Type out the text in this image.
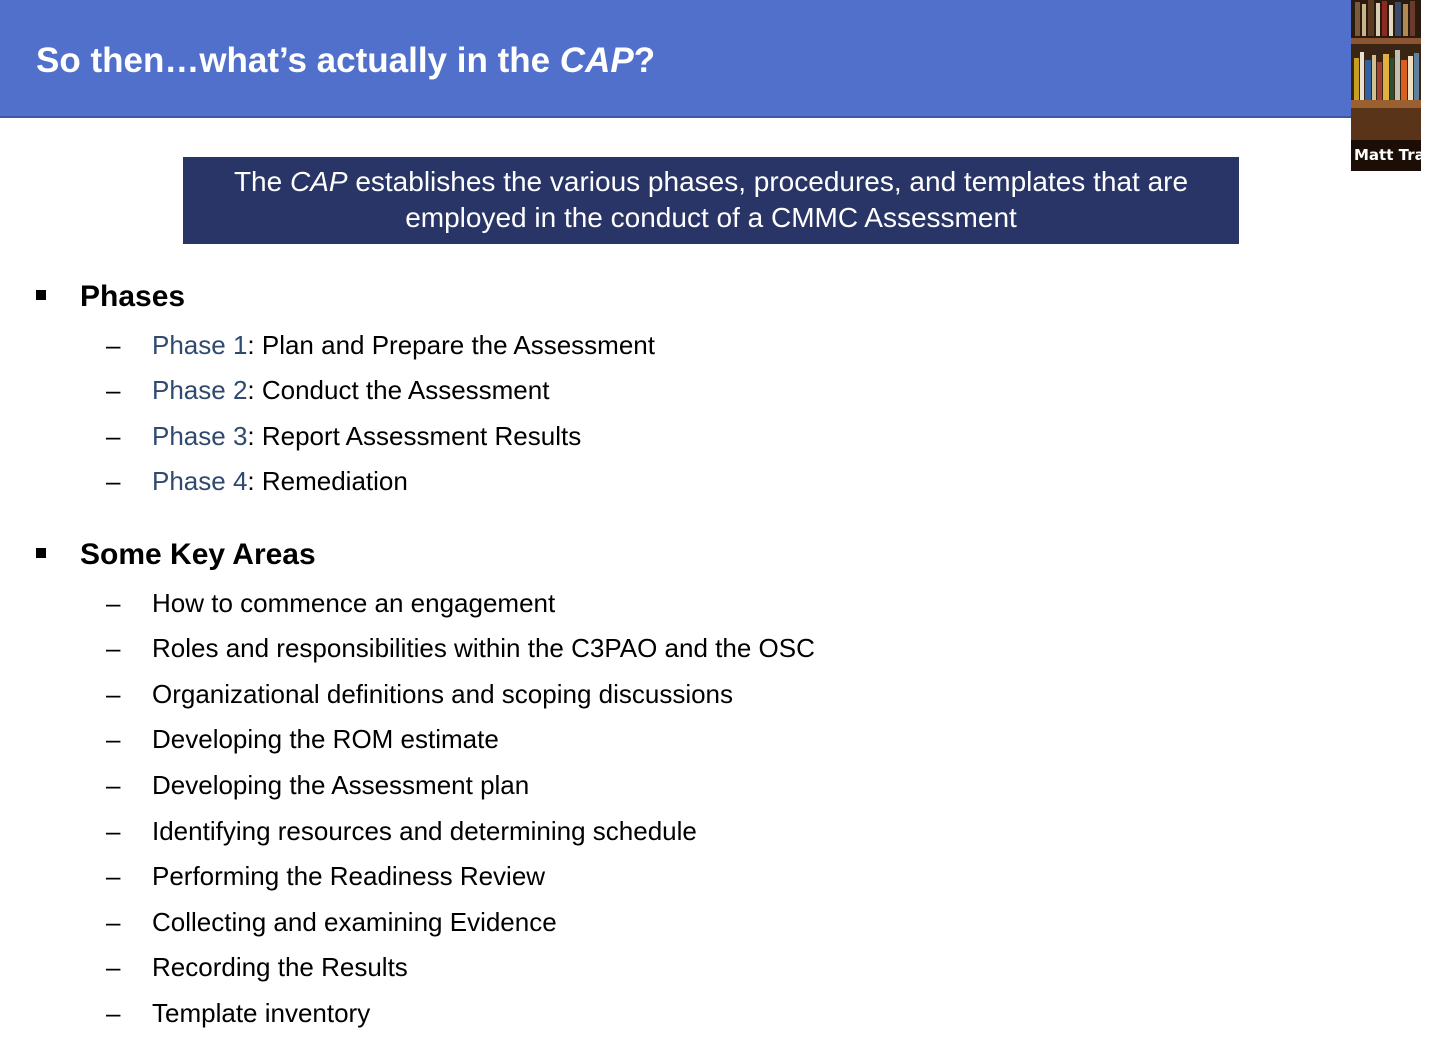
So then…what’s actually in the CAP?
Matt Tray
The CAP establishes the various phases, procedures, and templates that are
employed in the conduct of a CMMC Assessment
Phases
– Phase 1: Plan and Prepare the Assessment
– Phase 2: Conduct the Assessment
– Phase 3: Report Assessment Results
– Phase 4: Remediation
Some Key Areas
– How to commence an engagement
– Roles and responsibilities within the C3PAO and the OSC
– Organizational definitions and scoping discussions
– Developing the ROM estimate
– Developing the Assessment plan
– Identifying resources and determining schedule
– Performing the Readiness Review
– Collecting and examining Evidence
– Recording the Results
– Template inventory
